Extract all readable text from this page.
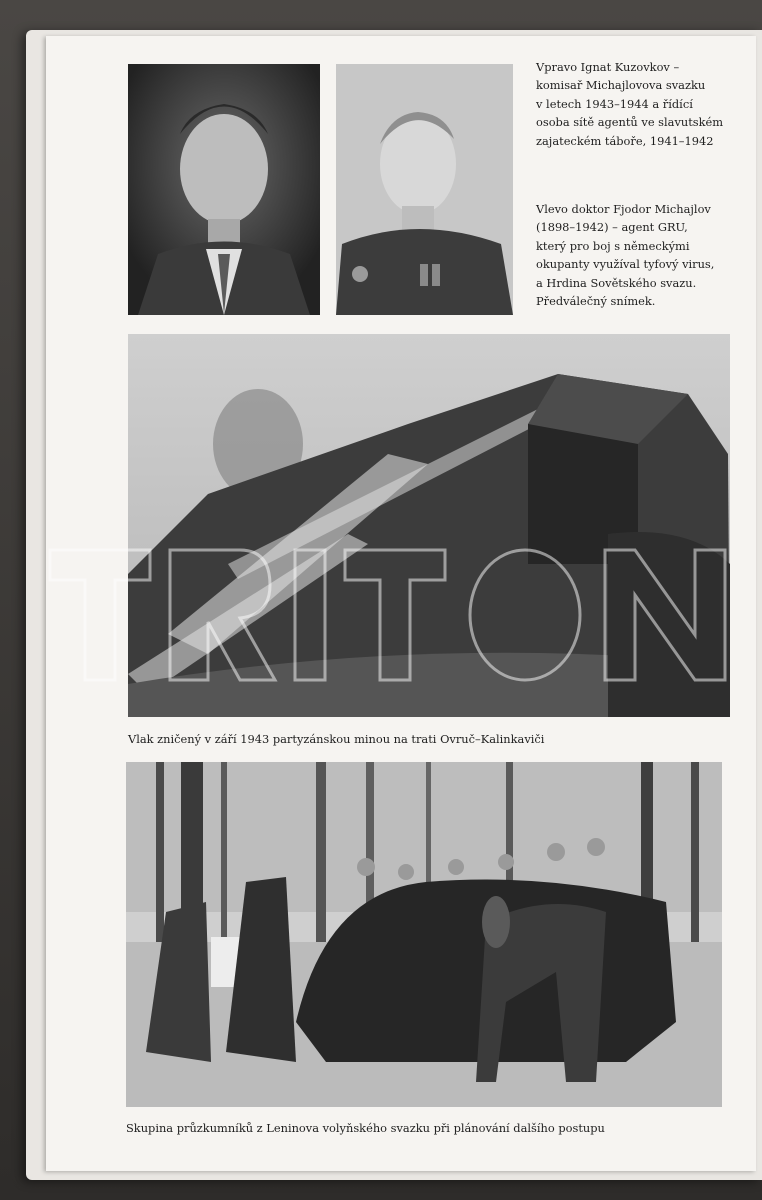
Vpravo Ignat Kuzovkov –
komisař Michajlovova svazku
v letech 1943–1944 a řídící
osoba sítě agentů ve slavutském
zajateckém táboře, 1941–1942
Vlevo doktor Fjodor Michajlov
(1898–1942) – agent GRU,
který pro boj s německými
okupanty využíval tyfový virus,
a Hrdina Sovětského svazu.
Předválečný snímek.
Vlak zničený v září 1943 partyzánskou minou na trati Ovruč–Kalinkaviči
Skupina průzkumníků z Leninova volyňského svazku při plánování dalšího postupu
